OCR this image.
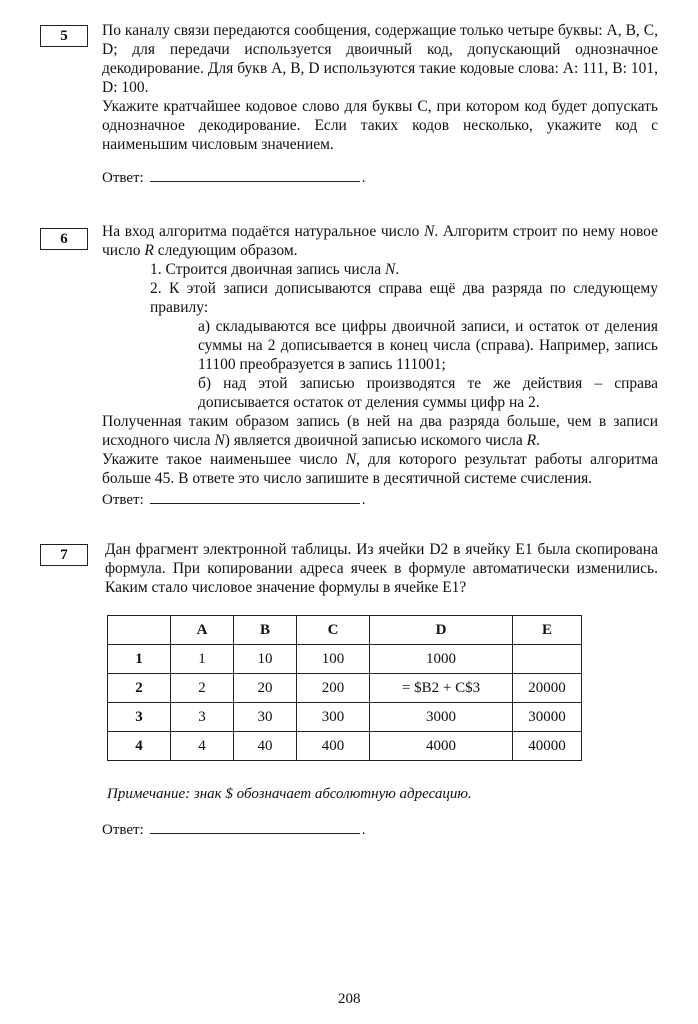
5	По каналу связи передаются сообщения, содержащие только четыре буквы: A, B, C, D; для передачи используется двоичный код, допускающий однозначное декодирование. Для букв A, B, D используются такие кодовые слова: A: 111, B: 101, D: 100.

Укажите кратчайшее кодовое слово для буквы C, при котором код будет допускать однозначное декодирование. Если таких кодов несколько, укажите код с наименьшим числовым значением.

Ответ:	.
6	На вход алгоритма подаётся натуральное число N. Алгоритм строит по нему новое число R следующим образом.

1. Строится двоичная запись числа N.

2. К этой записи дописываются справа ещё два разряда по следующему правилу:

а) складываются все цифры двоичной записи, и остаток от деления суммы на 2 дописывается в конец числа (справа). Например, запись 11100 преобразуется в запись 111001;

б) над этой записью производятся те же действия – справа дописывается остаток от деления суммы цифр на 2.

Полученная таким образом запись (в ней на два разряда больше, чем в записи исходного числа N) является двоичной записью искомого числа R.

Укажите такое наименьшее число N, для которого результат работы алгоритма больше 45. В ответе это число запишите в десятичной системе счисления.

Ответ:	.
7	Дан фрагмент электронной таблицы. Из ячейки D2 в ячейку E1 была скопирована формула. При копировании адреса ячеек в формуле автоматически изменились. Каким стало числовое значение формулы в ячейке E1?
	A	B	C	D	E
1	1	10	100	1000	
2	2	20	200	= $B2 + C$3	20000
3	3	30	300	3000	30000
4	4	40	400	4000	40000
Примечание: знак $ обозначает абсолютную адресацию.
Ответ:	.
208
